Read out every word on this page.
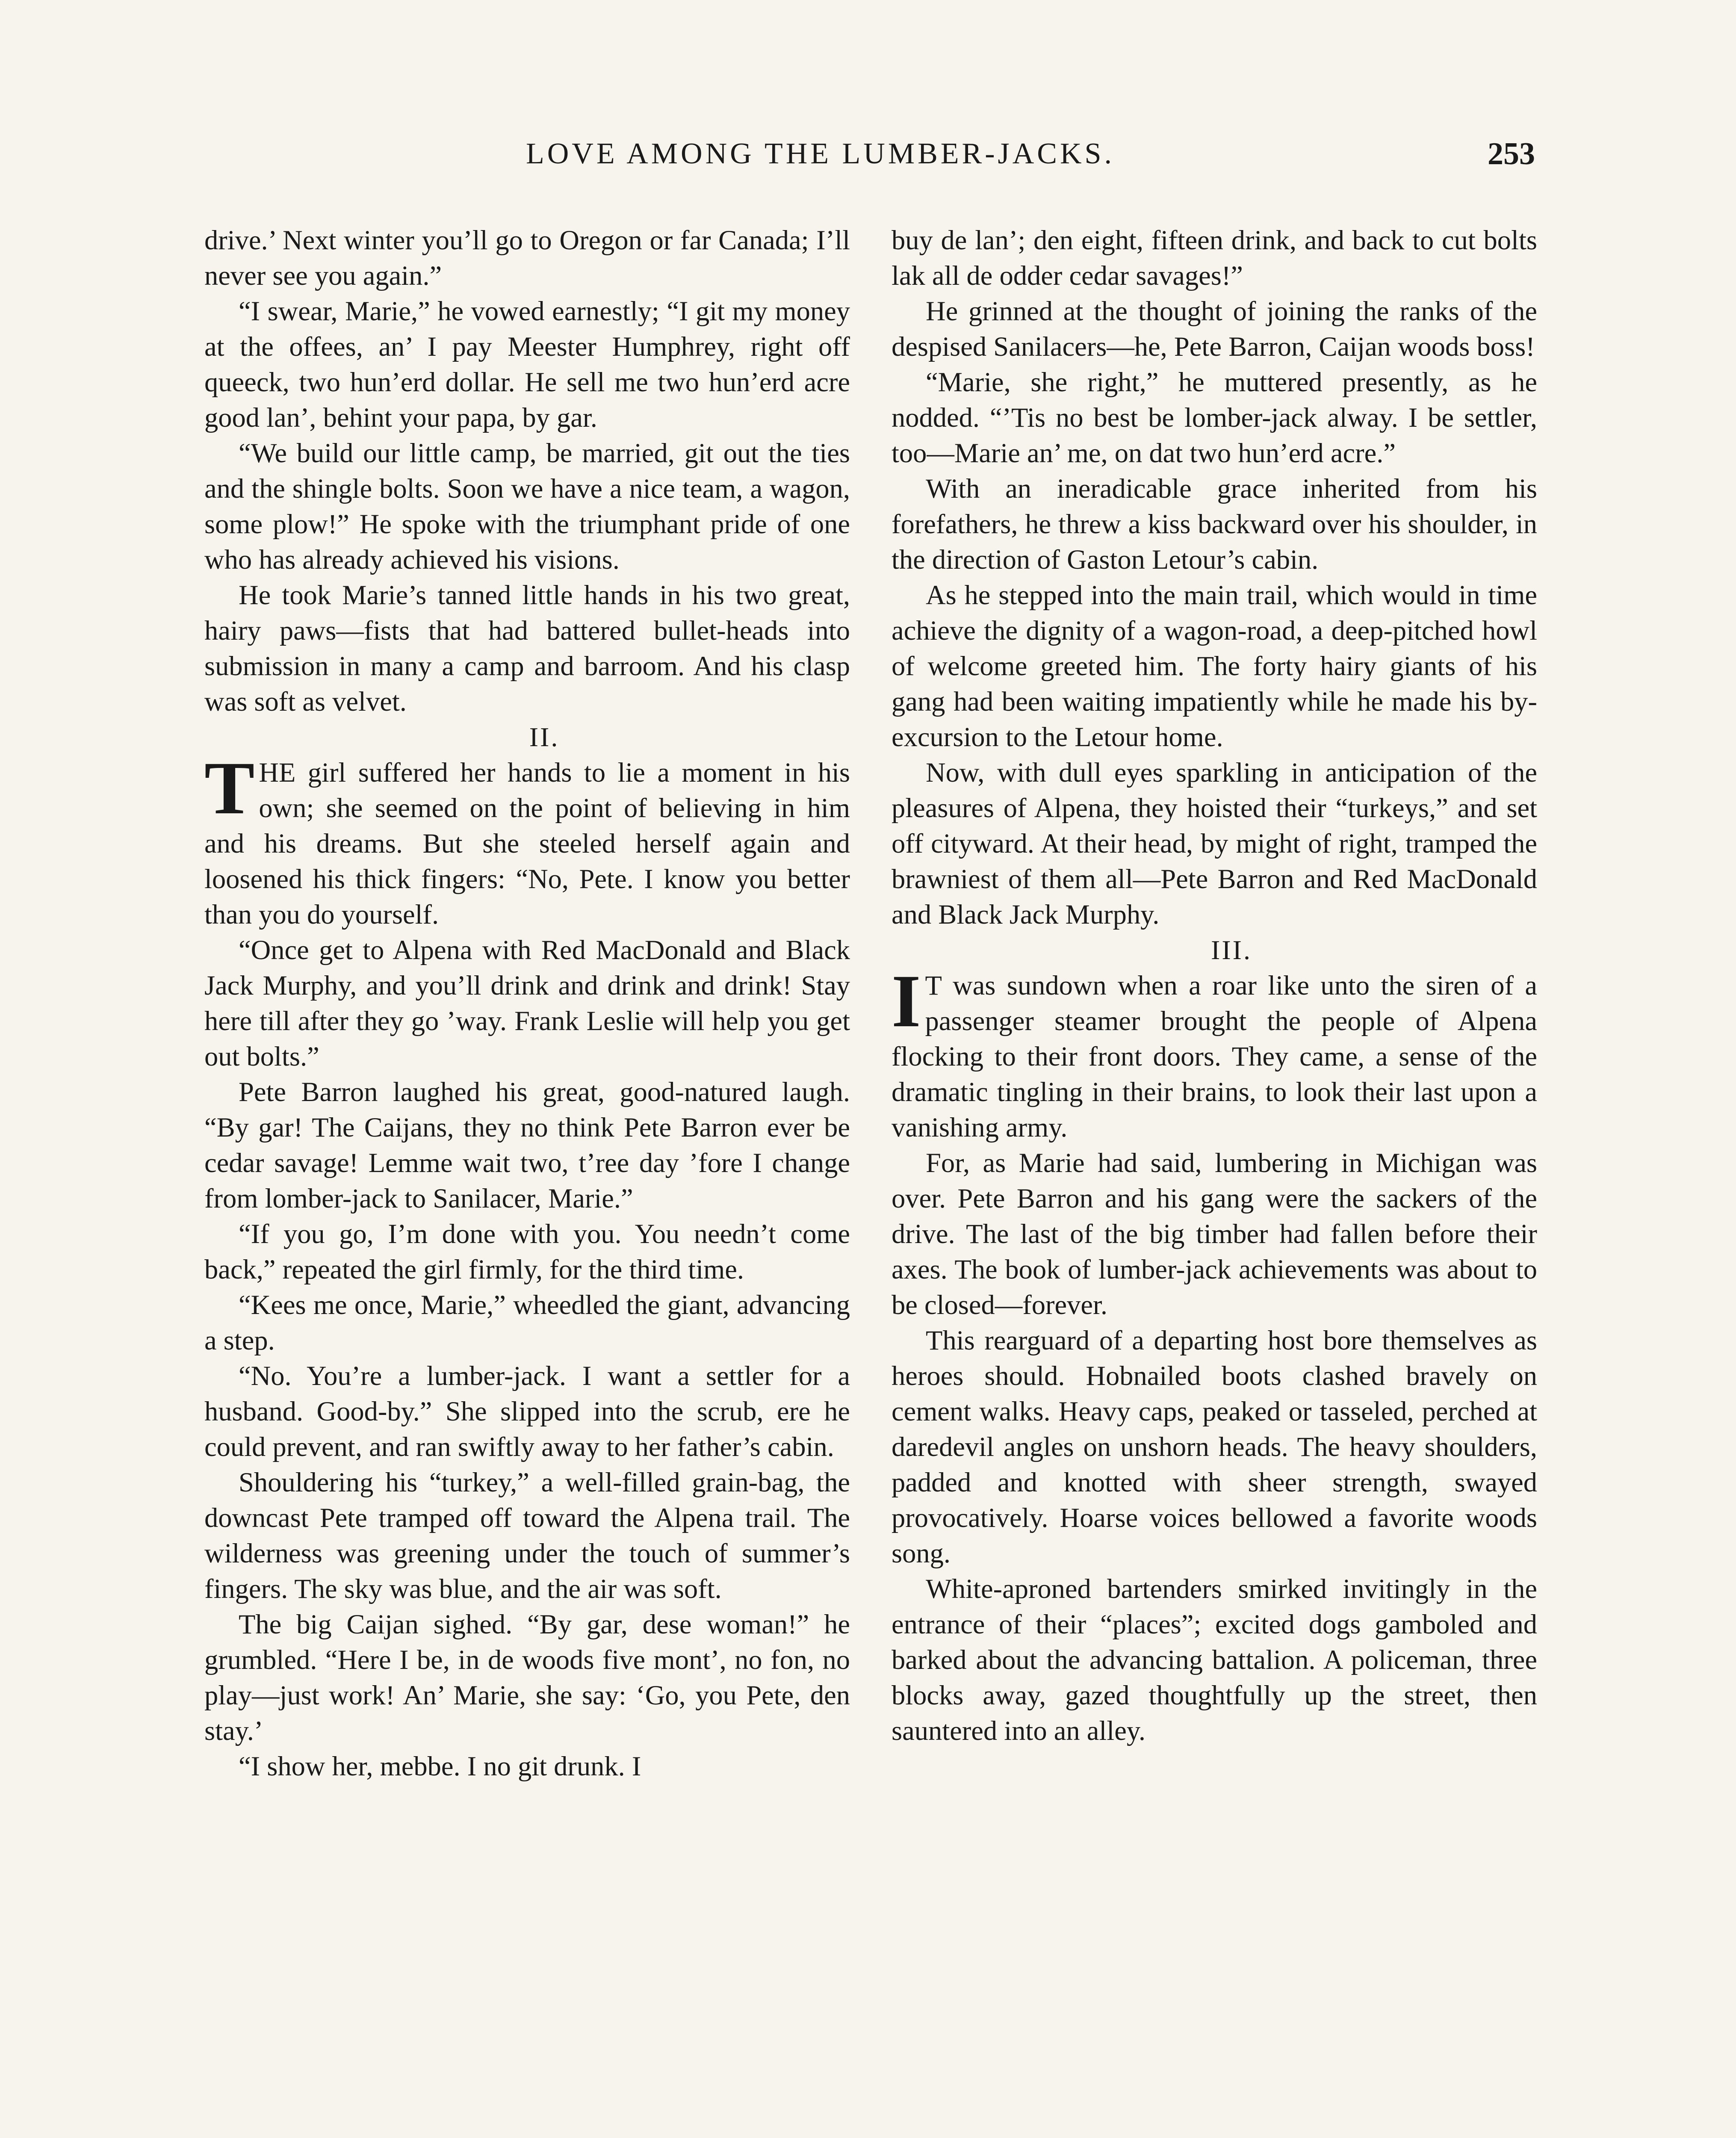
LOVE AMONG THE LUMBER-JACKS.	253

drive.’ Next winter you’ll go to Oregon or far Canada; I’ll never see you again.”

“I swear, Marie,” he vowed earnestly; “I git my money at the offees, an’ I pay Meester Humphrey, right off queeck, two hun’erd dollar. He sell me two hun’erd acre good lan’, behint your papa, by gar.

“We build our little camp, be married, git out the ties and the shingle bolts. Soon we have a nice team, a wagon, some plow!” He spoke with the triumphant pride of one who has already achieved his visions.

He took Marie’s tanned little hands in his two great, hairy paws—fists that had battered bullet-heads into submission in many a camp and barroom. And his clasp was soft as velvet.

II.

THE girl suffered her hands to lie a moment in his own; she seemed on the point of believing in him and his dreams. But she steeled herself again and loosened his thick fingers: “No, Pete. I know you better than you do yourself.

“Once get to Alpena with Red MacDonald and Black Jack Murphy, and you’ll drink and drink and drink! Stay here till after they go ’way. Frank Leslie will help you get out bolts.”

Pete Barron laughed his great, good-natured laugh. “By gar! The Caijans, they no think Pete Barron ever be cedar savage! Lemme wait two, t’ree day ’fore I change from lomber-jack to Sanilacer, Marie.”

“If you go, I’m done with you. You needn’t come back,” repeated the girl firmly, for the third time.

“Kees me once, Marie,” wheedled the giant, advancing a step.

“No. You’re a lumber-jack. I want a settler for a husband. Good-by.” She slipped into the scrub, ere he could prevent, and ran swiftly away to her father’s cabin.

Shouldering his “turkey,” a well-filled grain-bag, the downcast Pete tramped off toward the Alpena trail. The wilderness was greening under the touch of summer’s fingers. The sky was blue, and the air was soft.

The big Caijan sighed. “By gar, dese woman!” he grumbled. “Here I be, in de woods five mont’, no fon, no play—just work! An’ Marie, she say: ‘Go, you Pete, den stay.’

“I show her, mebbe. I no git drunk. I

buy de lan’; den eight, fifteen drink, and back to cut bolts lak all de odder cedar savages!”

He grinned at the thought of joining the ranks of the despised Sanilacers—he, Pete Barron, Caijan woods boss!

“Marie, she right,” he muttered presently, as he nodded. “’Tis no best be lomber-jack alway. I be settler, too—Marie an’ me, on dat two hun’erd acre.”

With an ineradicable grace inherited from his forefathers, he threw a kiss backward over his shoulder, in the direction of Gaston Letour’s cabin.

As he stepped into the main trail, which would in time achieve the dignity of a wagon-road, a deep-pitched howl of welcome greeted him. The forty hairy giants of his gang had been waiting impatiently while he made his by-excursion to the Letour home.

Now, with dull eyes sparkling in anticipation of the pleasures of Alpena, they hoisted their “turkeys,” and set off cityward. At their head, by might of right, tramped the brawniest of them all—Pete Barron and Red MacDonald and Black Jack Murphy.

III.

I T was sundown when a roar like unto the siren of a passenger steamer brought the people of Alpena flocking to their front doors. They came, a sense of the dramatic tingling in their brains, to look their last upon a vanishing army.

For, as Marie had said, lumbering in Michigan was over. Pete Barron and his gang were the sackers of the drive. The last of the big timber had fallen before their axes. The book of lumber-jack achievements was about to be closed—forever.

This rearguard of a departing host bore themselves as heroes should. Hobnailed boots clashed bravely on cement walks. Heavy caps, peaked or tasseled, perched at daredevil angles on unshorn heads. The heavy shoulders, padded and knotted with sheer strength, swayed provocatively. Hoarse voices bellowed a favorite woods song.

White-aproned bartenders smirked invitingly in the entrance of their “places”; excited dogs gamboled and barked about the advancing battalion. A policeman, three blocks away, gazed thoughtfully up the street, then sauntered into an alley.
